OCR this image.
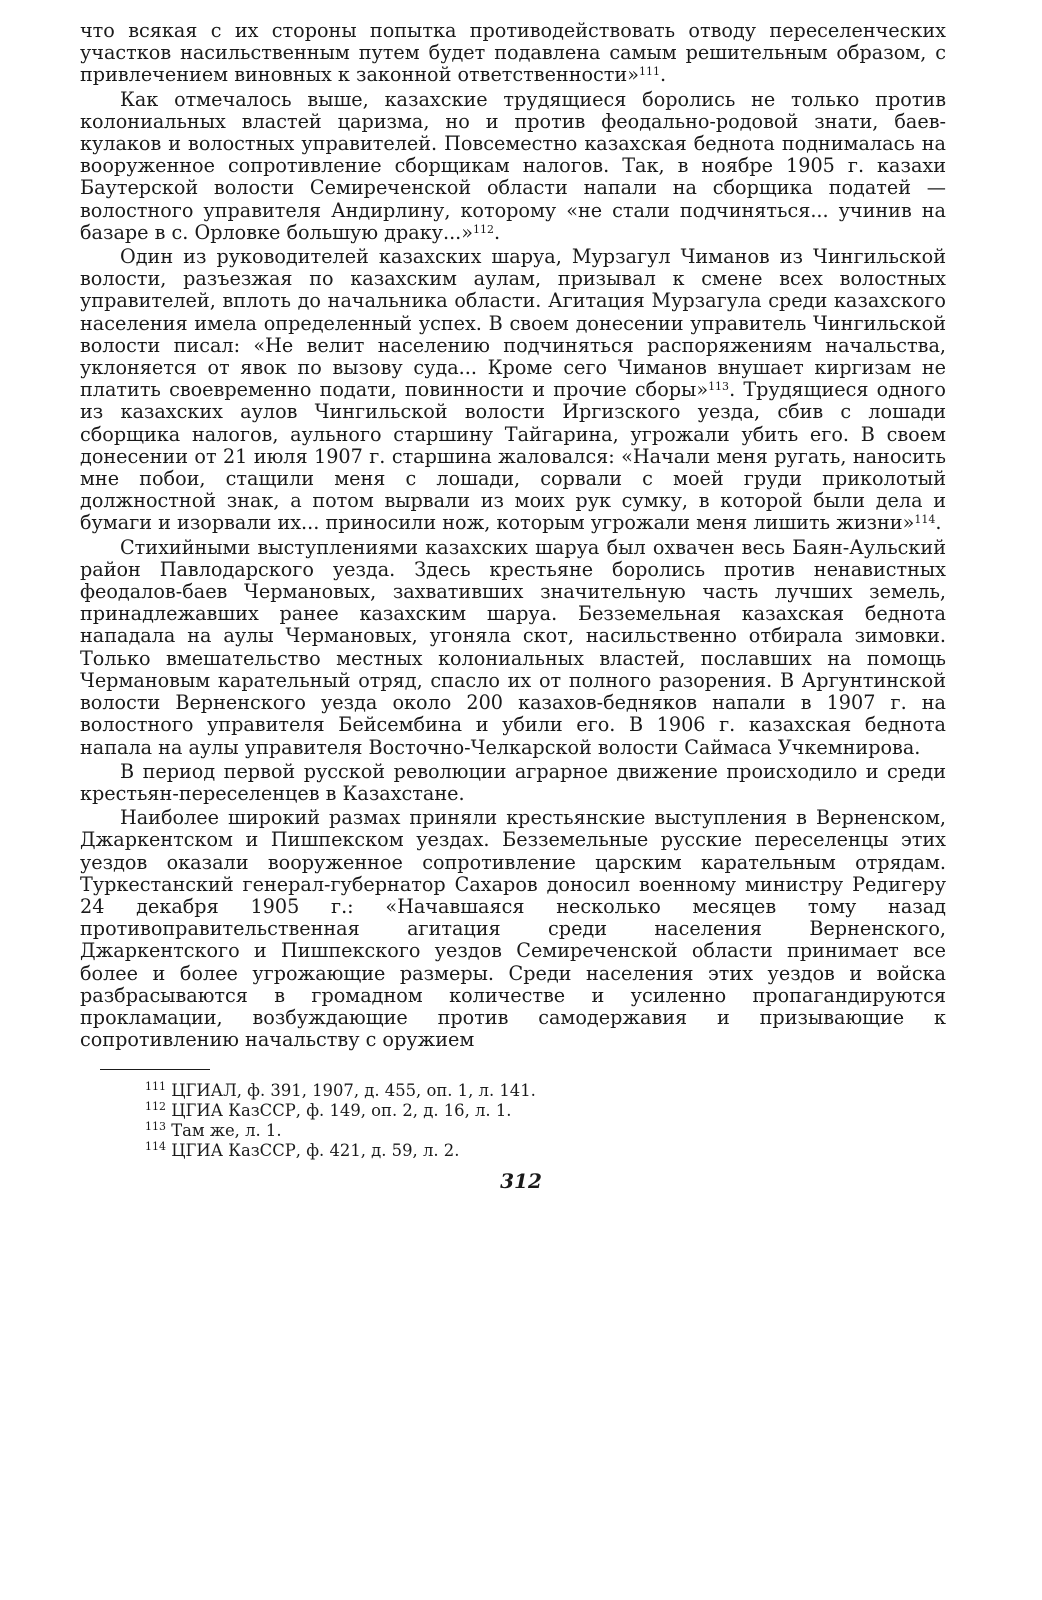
что всякая с их стороны попытка противодействовать отводу переселенческих участков насильственным путем будет подавлена самым решительным образом, с привлечением виновных к законной ответственности»$^{111}$.

Как отмечалось выше, казахские трудящиеся боролись не только против колониальных властей царизма, но и против феодально-родовой знати, баев-кулаков и волостных управителей. Повсеместно казахская беднота поднималась на вооруженное сопротивление сборщикам налогов. Так, в ноябре 1905 г. казахи Баутерской волости Семиреченской области напали на сборщика податей — волостного управителя Андирлину, которому «не стали подчиняться... учинив на базаре в с. Орловке большую драку...»$^{112}$.

Один из руководителей казахских шаруа, Мурзагул Чиманов из Чингильской волости, разъезжая по казахским аулам, призывал к смене всех волостных управителей, вплоть до начальника области. Агитация Мурзагула среди казахского населения имела определенный успех. В своем донесении управитель Чингильской волости писал: «Не велит населению подчиняться распоряжениям начальства, уклоняется от явок по вызову суда... Кроме сего Чиманов внушает киргизам не платить своевременно подати, повинности и прочие сборы»$^{113}$. Трудящиеся одного из казахских аулов Чингильской волости Иргизского уезда, сбив с лошади сборщика налогов, аульного старшину Тайгарина, угрожали убить его. В своем донесении от 21 июля 1907 г. старшина жаловался: «Начали меня ругать, наносить мне побои, стащили меня с лошади, сорвали с моей груди приколотый должностной знак, а потом вырвали из моих рук сумку, в которой были дела и бумаги и изорвали их... приносили нож, которым угрожали меня лишить жизни»$^{114}$.

Стихийными выступлениями казахских шаруа был охвачен весь Баян-Аульский район Павлодарского уезда. Здесь крестьяне боролись против ненавистных феодалов-баев Чермановых, захвативших значительную часть лучших земель, принадлежавших ранее казахским шаруа. Безземельная казахская беднота нападала на аулы Чермановых, угоняла скот, насильственно отбирала зимовки. Только вмешательство местных колониальных властей, пославших на помощь Чермановым карательный отряд, спасло их от полного разорения. В Аргунтинской волости Верненского уезда около 200 казахов-бедняков напали в 1907 г. на волостного управителя Бейсембина и убили его. В 1906 г. казахская беднота напала на аулы управителя Восточно-Челкарской волости Саймаса Учкемнирова.

В период первой русской революции аграрное движение происходило и среди крестьян-переселенцев в Казахстане.

Наиболее широкий размах приняли крестьянские выступления в Верненском, Джаркентском и Пишпекском уездах. Безземельные русские переселенцы этих уездов оказали вооруженное сопротивление царским карательным отрядам. Туркестанский генерал-губернатор Сахаров доносил военному министру Редигеру 24 декабря 1905 г.: «Начавшаяся несколько месяцев тому назад противоправительственная агитация среди населения Верненского, Джаркентского и Пишпекского уездов Семиреченской области принимает все более и более угрожающие размеры. Среди населения этих уездов и войска разбрасываются в громадном количестве и усиленно пропагандируются прокламации, возбуждающие против самодержавия и призывающие к сопротивлению начальству с оружием

$^{111}$ ЦГИАЛ, ф. 391, 1907, д. 455, оп. 1, л. 141.

$^{112}$ ЦГИА КазССР, ф. 149, оп. 2, д. 16, л. 1.

$^{113}$ Там же, л. 1.

$^{114}$ ЦГИА КазССР, ф. 421, д. 59, л. 2.

312
